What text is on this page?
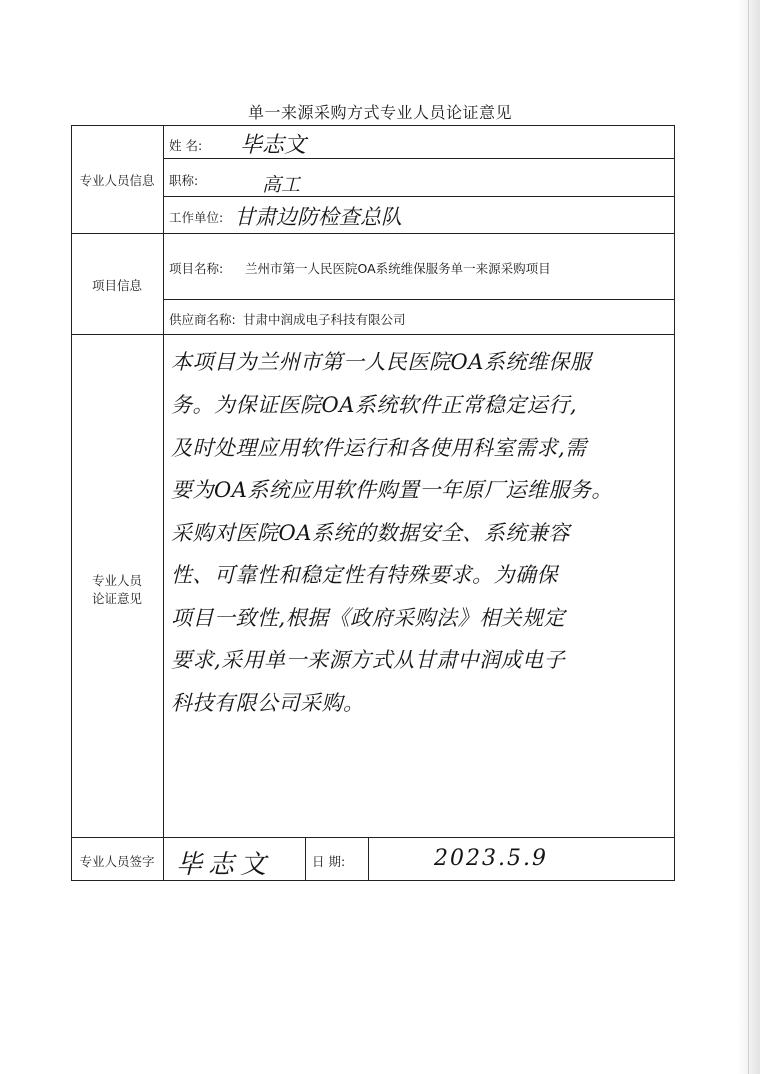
单一来源采购方式专业人员论证意见
专业人员信息
姓 名: 毕志文
职称:	高工
工作单位: 甘肃边防检查总队
项目信息
项目名称: 兰州市第一人民医院OA系统维保服务单一来源采购项目
供应商名称: 甘肃中润成电子科技有限公司
专业人员
论证意见
本项目为兰州市第一人民医院OA系统维保服
务。为保证医院OA系统软件正常稳定运行,
及时处理应用软件运行和各使用科室需求,需
要为OA系统应用软件购置一年原厂运维服务。
采购对医院OA系统的数据安全、系统兼容
性、可靠性和稳定性有特殊要求。为确保
项目一致性,根据《政府采购法》相关规定
要求,采用单一来源方式从甘肃中润成电子
科技有限公司采购。
专业人员签字 毕志文	日 期:	2023.5.9
